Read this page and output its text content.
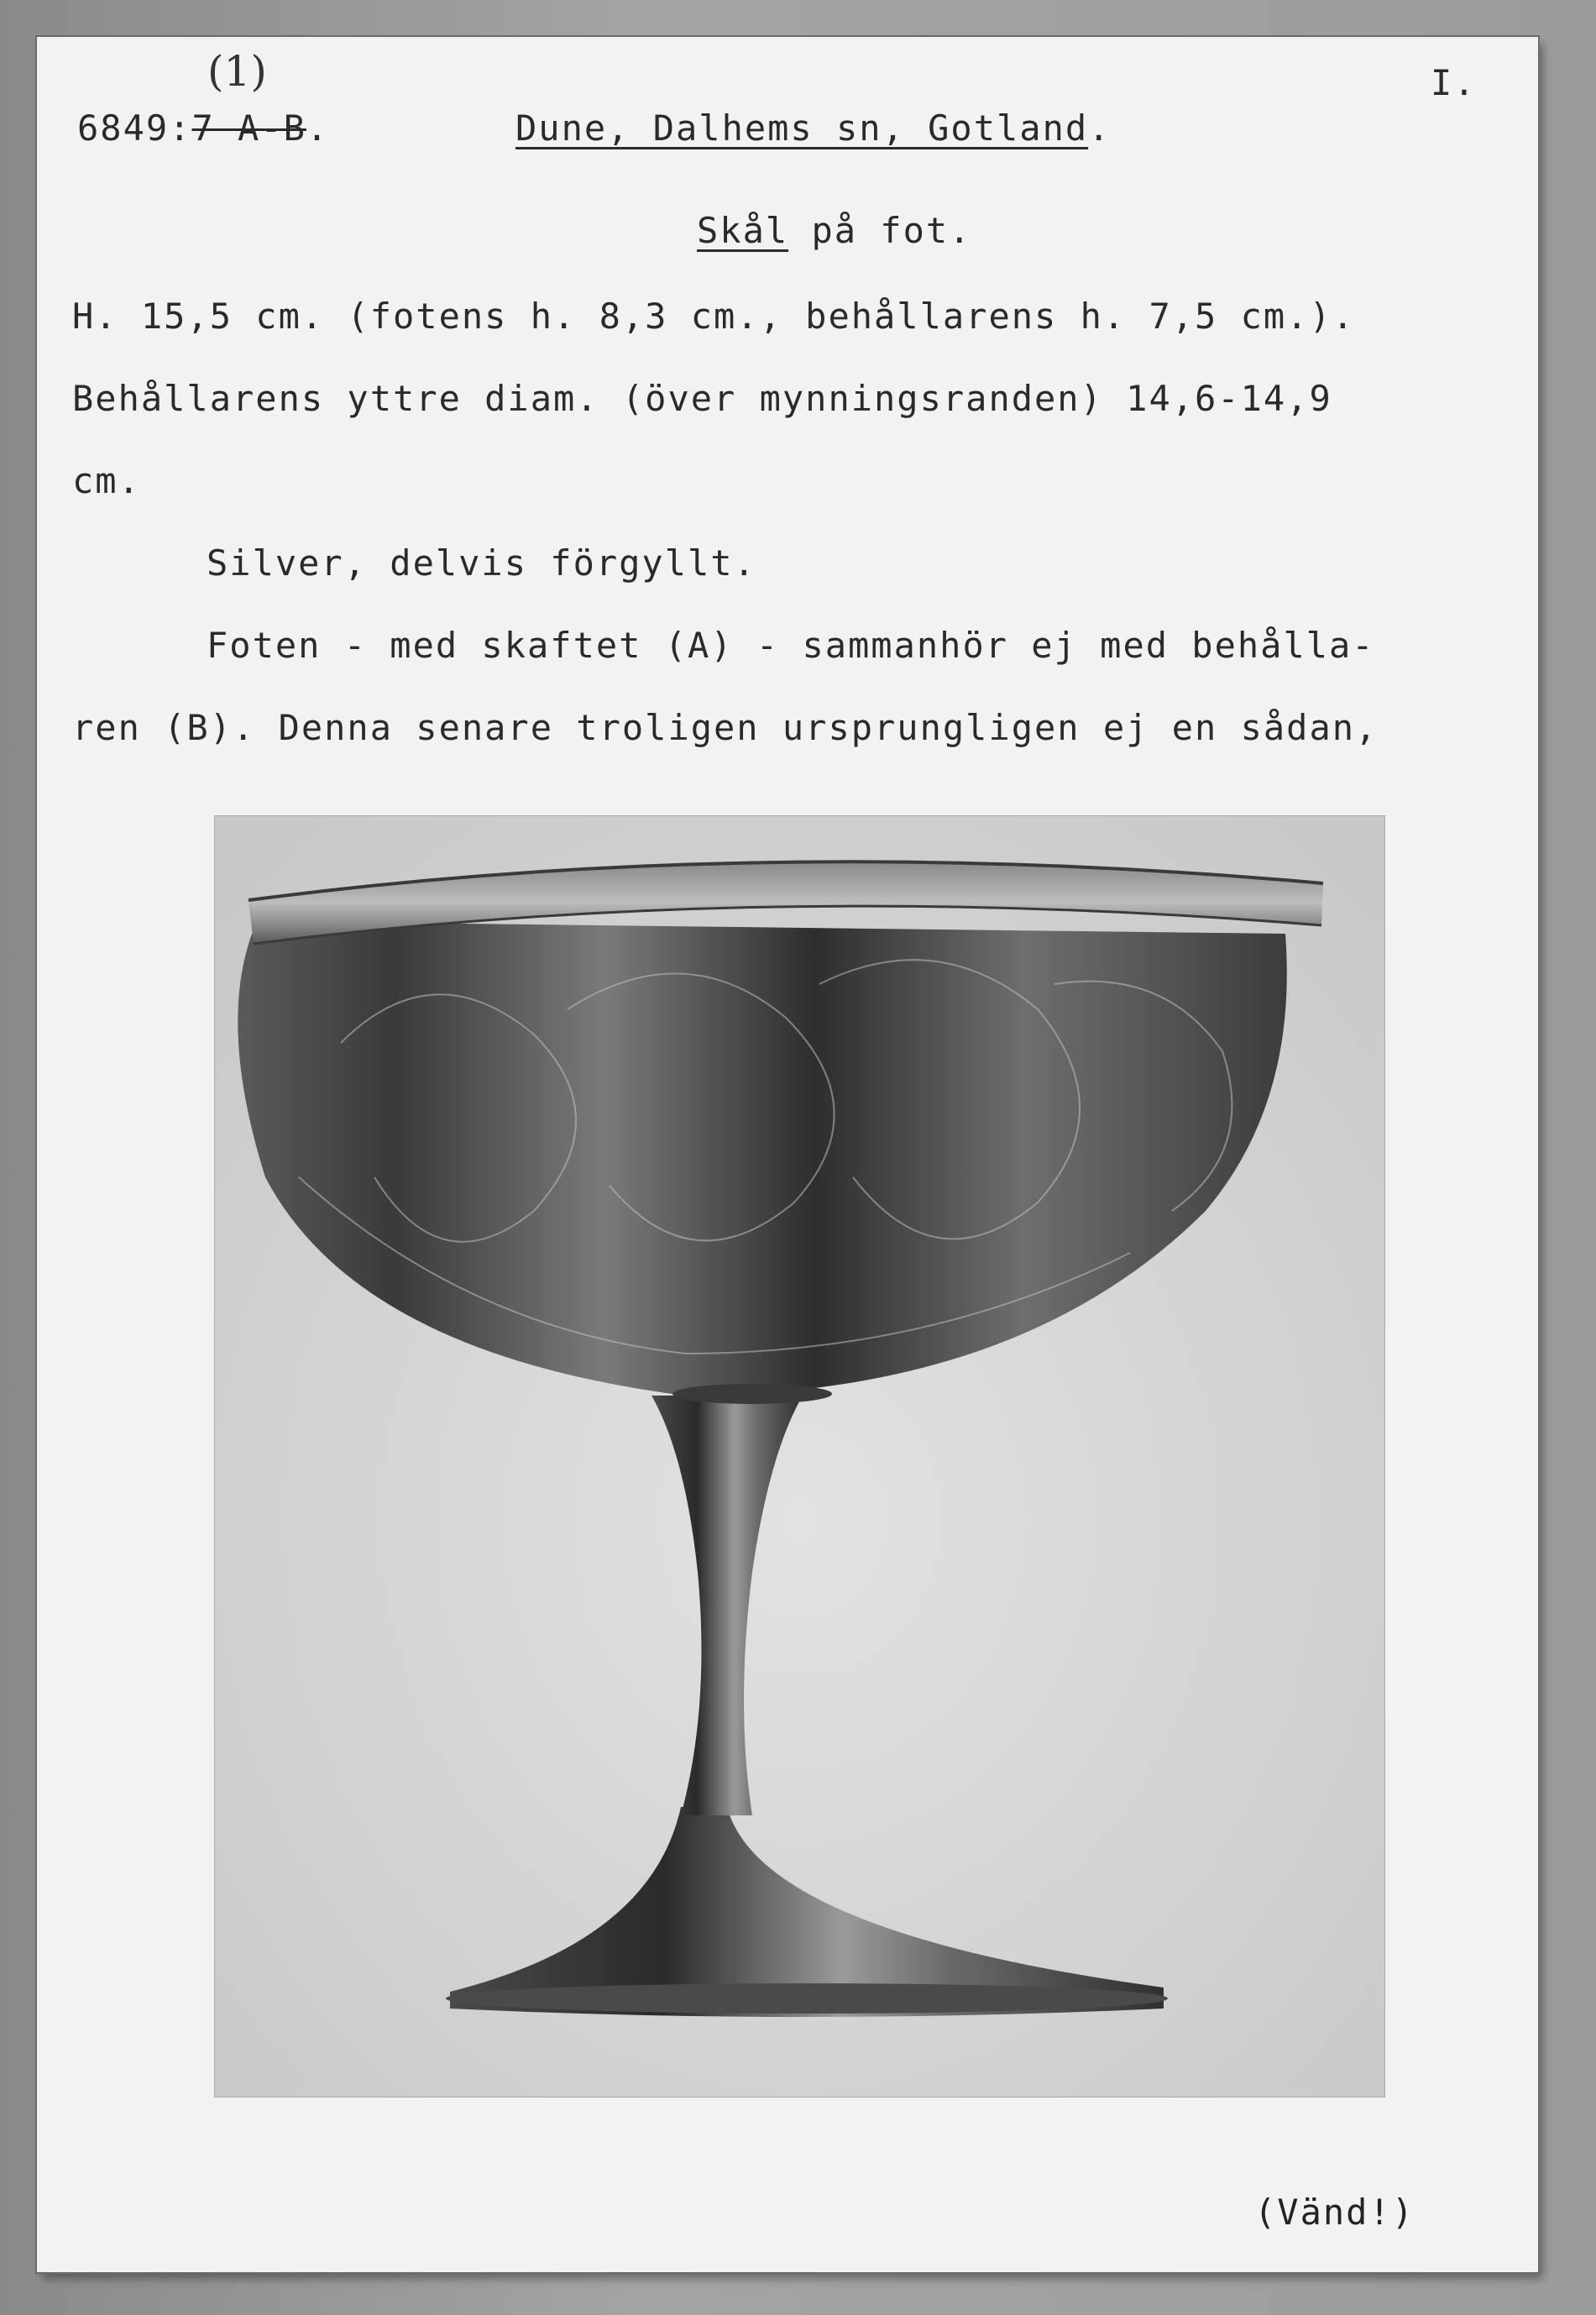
(1)
6849:7 A-B.	Dune, Dalhems sn, Gotland.
I.
Skål på fot.
H. 15,5 cm. (fotens h. 8,3 cm., behållarens h. 7,5 cm.).
Behållarens yttre diam. (över mynningsranden) 14,6-14,9
cm.
Silver, delvis förgyllt.
Foten - med skaftet (A) - sammanhör ej med behålla-
ren (B). Denna senare troligen ursprungligen ej en sådan,
(Vänd!)
